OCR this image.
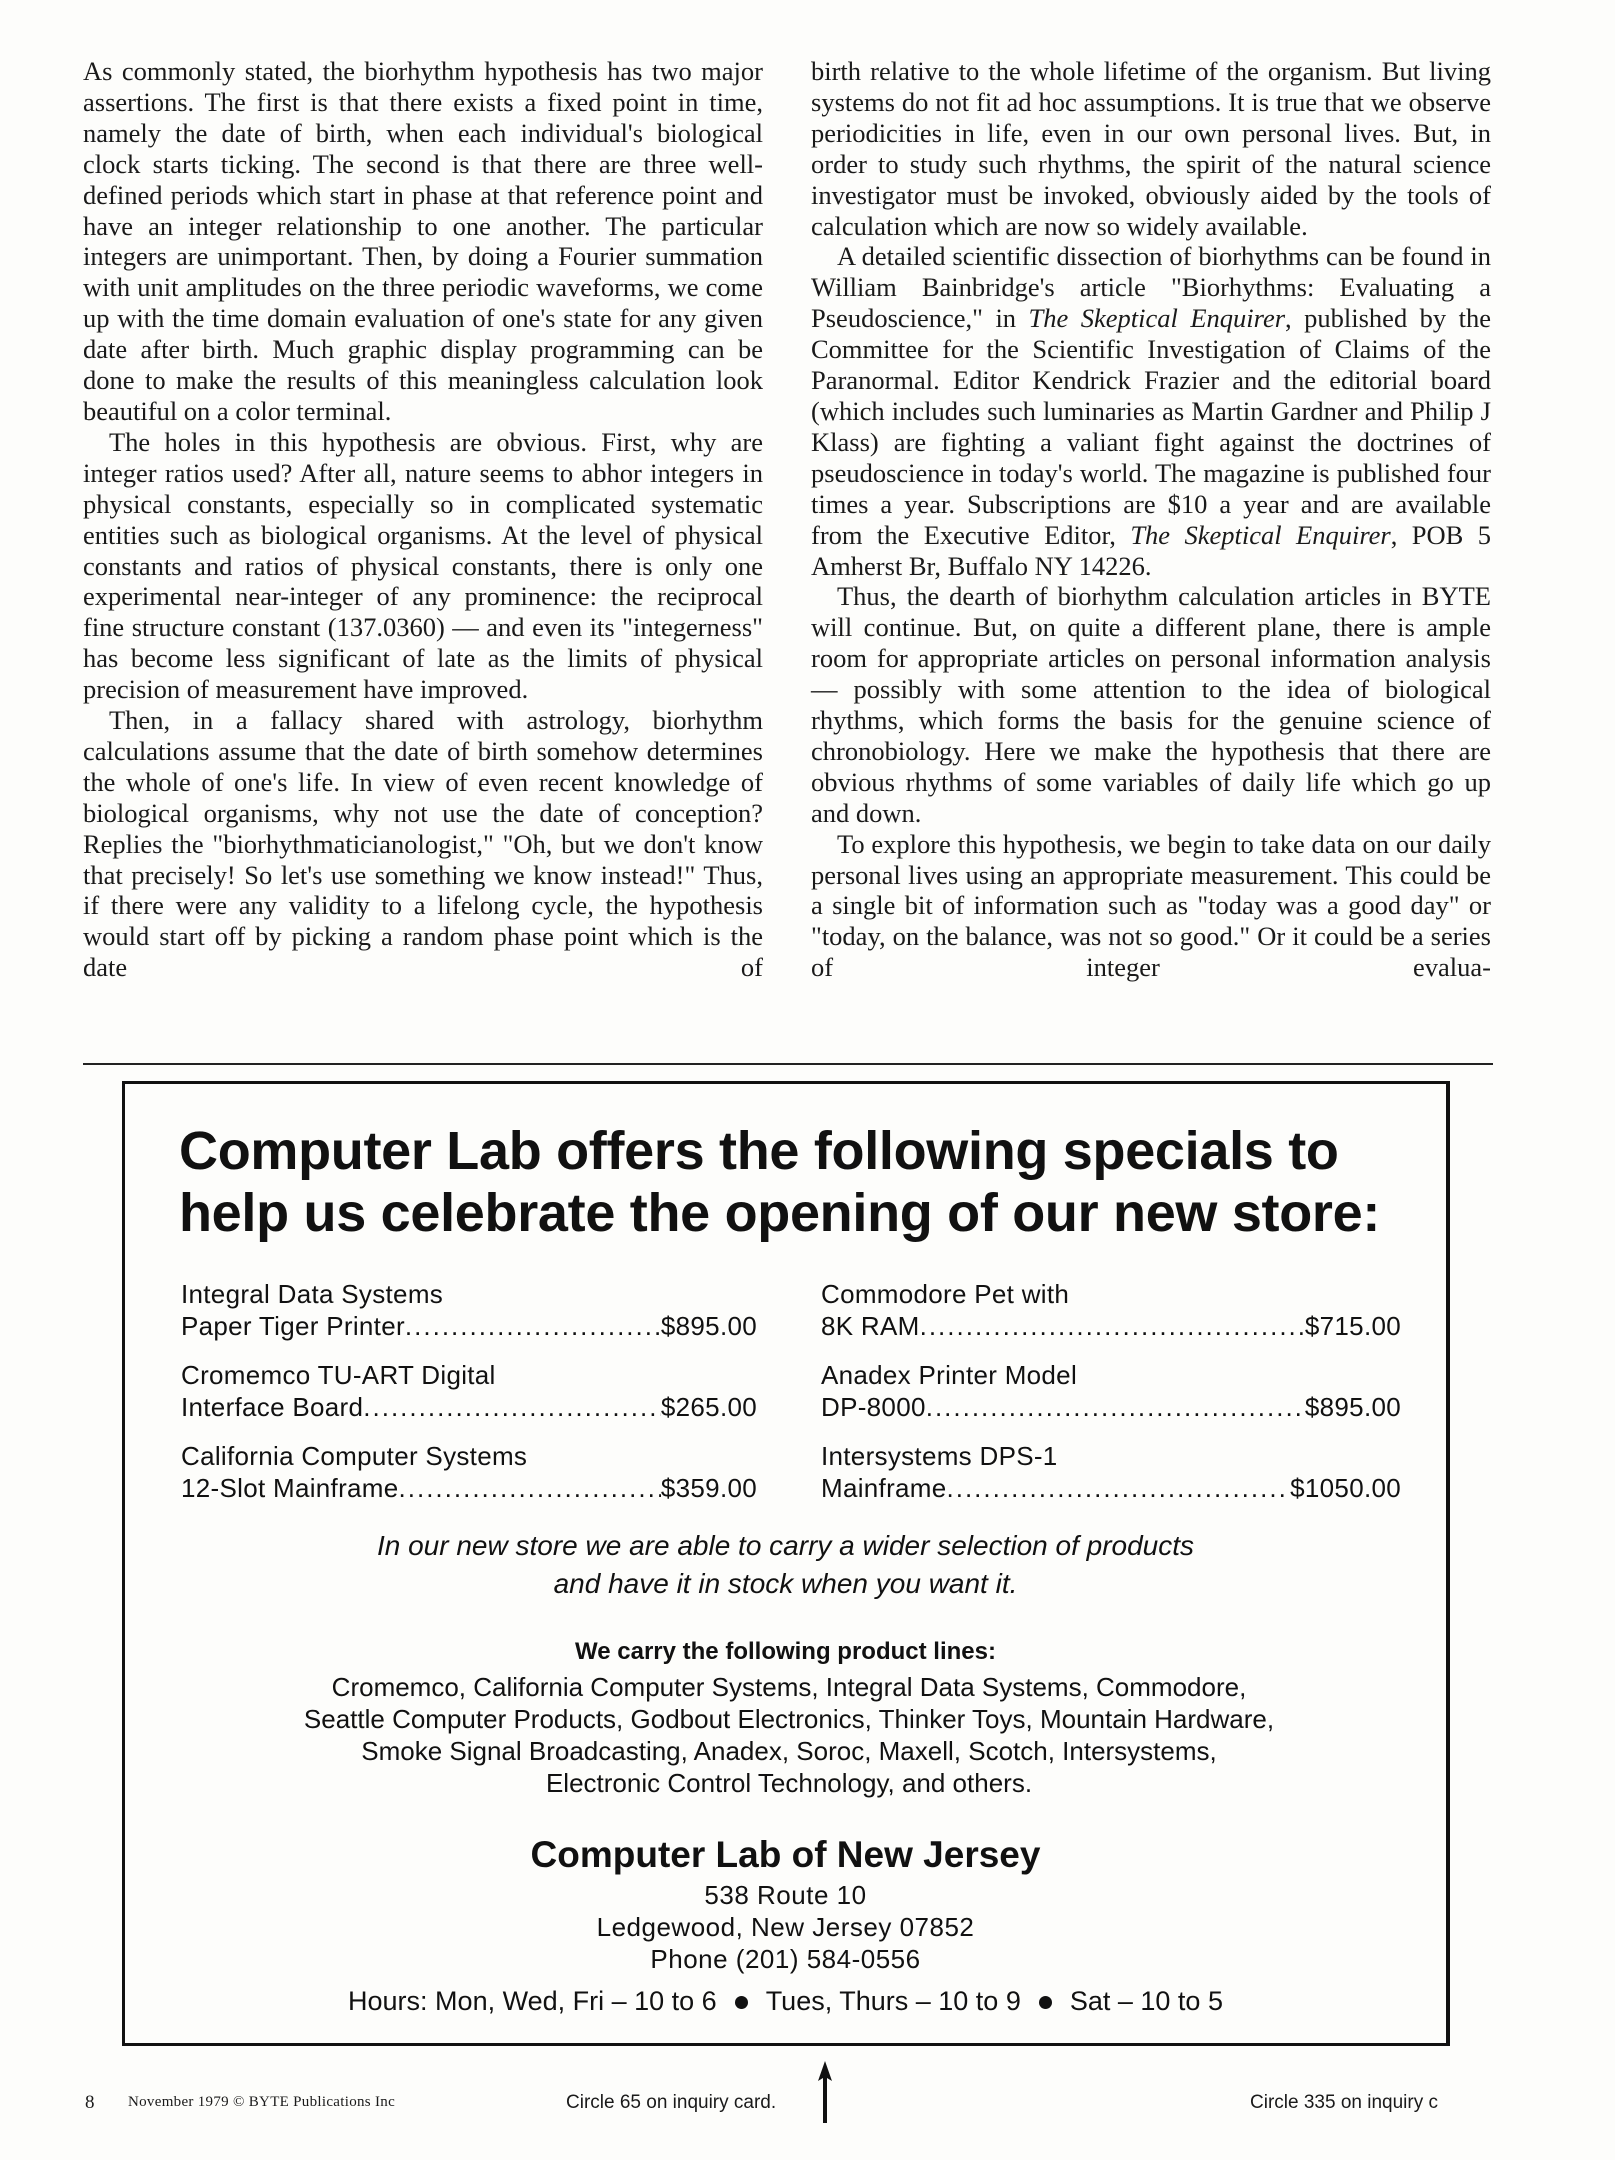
As commonly stated, the biorhythm hypothesis has two major assertions. The first is that there exists a fixed point in time, namely the date of birth, when each individual's biological clock starts ticking. The second is that there are three well-defined periods which start in phase at that reference point and have an integer relationship to one another. The particular integers are unimportant. Then, by doing a Fourier summation with unit amplitudes on the three periodic waveforms, we come up with the time domain evaluation of one's state for any given date after birth. Much graphic display programming can be done to make the results of this meaningless calculation look beautiful on a color terminal.

The holes in this hypothesis are obvious. First, why are integer ratios used? After all, nature seems to abhor integers in physical constants, especially so in complicated systematic entities such as biological organisms. At the level of physical constants and ratios of physical constants, there is only one experimental near-integer of any prominence: the reciprocal fine structure constant (137.0360) — and even its "integerness" has become less significant of late as the limits of physical precision of measurement have improved.

Then, in a fallacy shared with astrology, biorhythm calculations assume that the date of birth somehow determines the whole of one's life. In view of even recent knowledge of biological organisms, why not use the date of conception? Replies the "biorhythmaticianologist," "Oh, but we don't know that precisely! So let's use something we know instead!" Thus, if there were any validity to a lifelong cycle, the hypothesis would start off by picking a random phase point which is the date of

birth relative to the whole lifetime of the organism. But living systems do not fit ad hoc assumptions. It is true that we observe periodicities in life, even in our own personal lives. But, in order to study such rhythms, the spirit of the natural science investigator must be invoked, obviously aided by the tools of calculation which are now so widely available.

A detailed scientific dissection of biorhythms can be found in William Bainbridge's article "Biorhythms: Evaluating a Pseudoscience," in The Skeptical Enquirer, published by the Committee for the Scientific Investigation of Claims of the Paranormal. Editor Kendrick Frazier and the editorial board (which includes such luminaries as Martin Gardner and Philip J Klass) are fighting a valiant fight against the doctrines of pseudoscience in today's world. The magazine is published four times a year. Subscriptions are $10 a year and are available from the Executive Editor, The Skeptical Enquirer, POB 5 Amherst Br, Buffalo NY 14226.

Thus, the dearth of biorhythm calculation articles in BYTE will continue. But, on quite a different plane, there is ample room for appropriate articles on personal information analysis — possibly with some attention to the idea of biological rhythms, which forms the basis for the genuine science of chronobiology. Here we make the hypothesis that there are obvious rhythms of some variables of daily life which go up and down.

To explore this hypothesis, we begin to take data on our daily personal lives using an appropriate measurement. This could be a single bit of information such as "today was a good day" or "today, on the balance, was not so good." Or it could be a series of integer evalua-

Computer Lab offers the following specials to
help us celebrate the opening of our new store:
Integral Data Systems
Paper Tiger Printer .....	$895.00
Cromemco TU-ART Digital
Interface Board .....	$265.00
California Computer Systems
12-Slot Mainframe .....	$359.00
Commodore Pet with
8K RAM .....	$715.00
Anadex Printer Model
DP-8000 .....	$895.00
Intersystems DPS-1
Mainframe .....	$1050.00
In our new store we are able to carry a wider selection of products
and have it in stock when you want it.
We carry the following product lines:
Cromemco, California Computer Systems, Integral Data Systems, Commodore,
Seattle Computer Products, Godbout Electronics, Thinker Toys, Mountain Hardware,
Smoke Signal Broadcasting, Anadex, Soroc, Maxell, Scotch, Intersystems,
Electronic Control Technology, and others.
Computer Lab of New Jersey
538 Route 10
Ledgewood, New Jersey 07852
Phone (201) 584-0556
Hours: Mon, Wed, Fri – 10 to 6 Tues, Thurs – 10 to 9 Sat – 10 to 5
8 November 1979 © BYTE Publications Inc	Circle 65 on inquiry card.	Circle 335 on inquiry c
